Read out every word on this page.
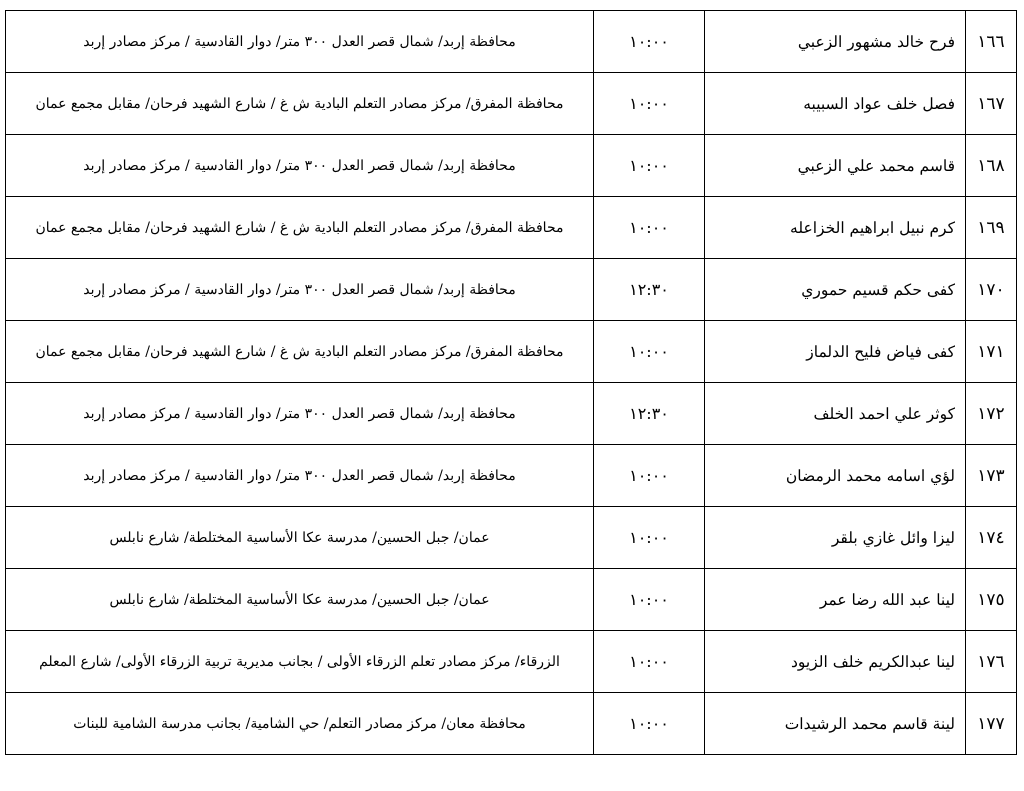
١٦٦	فرح خالد مشهور الزعبي	١٠:٠٠	محافظة إربد/ شمال قصر العدل ٣٠٠ متر/ دوار القادسية / مركز مصادر إربد
١٦٧	فصل خلف عواد السبيبه	١٠:٠٠	محافظة المفرق/ مركز مصادر التعلم البادية ش غ / شارع الشهيد فرحان/ مقابل مجمع عمان
١٦٨	قاسم محمد علي الزعبي	١٠:٠٠	محافظة إربد/ شمال قصر العدل ٣٠٠ متر/ دوار القادسية / مركز مصادر إربد
١٦٩	كرم نبيل ابراهيم الخزاعله	١٠:٠٠	محافظة المفرق/ مركز مصادر التعلم البادية ش غ / شارع الشهيد فرحان/ مقابل مجمع عمان
١٧٠	كفى حكم قسيم حموري	١٢:٣٠	محافظة إربد/ شمال قصر العدل ٣٠٠ متر/ دوار القادسية / مركز مصادر إربد
١٧١	كفى فياض فليح الدلماز	١٠:٠٠	محافظة المفرق/ مركز مصادر التعلم البادية ش غ / شارع الشهيد فرحان/ مقابل مجمع عمان
١٧٢	كوثر علي احمد الخلف	١٢:٣٠	محافظة إربد/ شمال قصر العدل ٣٠٠ متر/ دوار القادسية / مركز مصادر إربد
١٧٣	لؤي اسامه محمد الرمضان	١٠:٠٠	محافظة إربد/ شمال قصر العدل ٣٠٠ متر/ دوار القادسية / مركز مصادر إربد
١٧٤	ليزا وائل غازي بلقر	١٠:٠٠	عمان/ جبل الحسين/ مدرسة عكا الأساسية المختلطة/ شارع نابلس
١٧٥	لينا عبد الله رضا عمر	١٠:٠٠	عمان/ جبل الحسين/ مدرسة عكا الأساسية المختلطة/ شارع نابلس
١٧٦	لينا عبدالكريم خلف الزيود	١٠:٠٠	الزرقاء/ مركز مصادر تعلم الزرقاء الأولى / بجانب مديرية تربية الزرقاء الأولى/ شارع المعلم
١٧٧	لينة قاسم محمد الرشيدات	١٠:٠٠	محافظة معان/ مركز مصادر التعلم/ حي الشامية/ بجانب مدرسة الشامية للبنات
